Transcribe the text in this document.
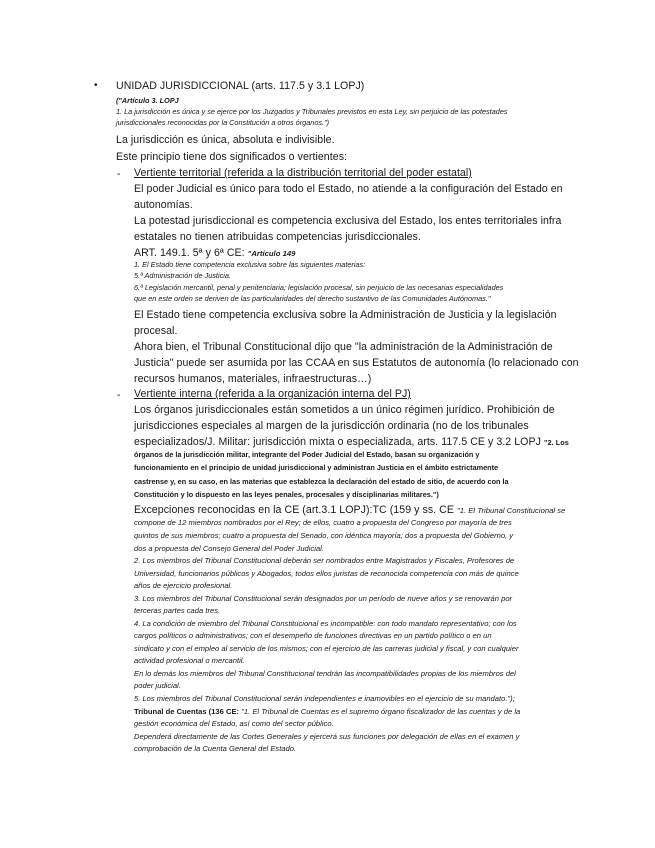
• UNIDAD JURISDICCIONAL (arts. 117.5 y 3.1 LOPJ)
("Artículo 3. LOPJ
1. La jurisdicción es única y se ejerce por los Juzgados y Tribunales previstos en esta Ley, sin perjuicio de las potestades
jurisdiccionales reconocidas por la Constitución a otros órganos.")
La jurisdicción es única, absoluta e indivisible.
Este principio tiene dos significados o vertientes:
- Vertiente territorial (referida a la distribución territorial del poder estatal)
El poder Judicial es único para todo el Estado, no atiende a la configuración del Estado en
autonomías.
La potestad jurisdiccional es competencia exclusiva del Estado, los entes territoriales infra
estatales no tienen atribuidas competencias jurisdiccionales.
ART. 149.1. 5ª y 6ª CE: "Artículo 149
1. El Estado tiene competencia exclusiva sobre las siguientes materias:
5.ª Administración de Justicia.
6.ª Legislación mercantil, penal y penitenciaria; legislación procesal, sin perjuicio de las necesarias especialidades
que en este orden se deriven de las particularidades del derecho sustantivo de las Comunidades Autónomas."
El Estado tiene competencia exclusiva sobre la Administración de Justicia y la legislación
procesal.
Ahora bien, el Tribunal Constitucional dijo que "la administración de la Administración de
Justicia" puede ser asumida por las CCAA en sus Estatutos de autonomía (lo relacionado con
recursos humanos, materiales, infraestructuras…)
- Vertiente interna (referida a la organización interna del PJ)
Los órganos jurisdiccionales están sometidos a un único régimen jurídico. Prohibición de
jurisdicciones especiales al margen de la jurisdicción ordinaria (no de los tribunales
especializados/J. Militar: jurisdicción mixta o especializada, arts. 117.5 CE y 3.2 LOPJ "2. Los
órganos de la jurisdicción militar, integrante del Poder Judicial del Estado, basan su organización y
funcionamiento en el principio de unidad jurisdiccional y administran Justicia en el ámbito estrictamente
castrense y, en su caso, en las materias que establezca la declaración del estado de sitio, de acuerdo con la
Constitución y lo dispuesto en las leyes penales, procesales y disciplinarias militares.")
Excepciones reconocidas en la CE (art.3.1 LOPJ):TC (159 y ss. CE "1. El Tribunal Constitucional se
compone de 12 miembros nombrados por el Rey; de ellos, cuatro a propuesta del Congreso por mayoría de tres
quintos de sus miembros; cuatro a propuesta del Senado, con idéntica mayoría; dos a propuesta del Gobierno, y
dos a propuesta del Consejo General del Poder Judicial.
2. Los miembros del Tribunal Constitucional deberán ser nombrados entre Magistrados y Fiscales, Profesores de
Universidad, funcionarios públicos y Abogados, todos ellos juristas de reconocida competencia con más de quince
años de ejercicio profesional.
3. Los miembros del Tribunal Constitucional serán designados por un período de nueve años y se renovarán por
terceras partes cada tres.
4. La condición de miembro del Tribunal Constitucional es incompatible: con todo mandato representativo; con los
cargos políticos o administrativos; con el desempeño de funciones directivas en un partido político o en un
sindicato y con el empleo al servicio de los mismos; con el ejercicio de las carreras judicial y fiscal, y con cualquier
actividad profesional o mercantil.
En lo demás los miembros del Tribunal Constitucional tendrán las incompatibilidades propias de los miembros del
poder judicial.
5. Los miembros del Tribunal Constitucional serán independientes e inamovibles en el ejercicio de su mandato.");
Tribunal de Cuentas (136 CE: "1. El Tribunal de Cuentas es el supremo órgano fiscalizador de las cuentas y de la
gestión económica del Estado, así como del sector público.
Dependerá directamente de las Cortes Generales y ejercerá sus funciones por delegación de ellas en el examen y
comprobación de la Cuenta General del Estado.
